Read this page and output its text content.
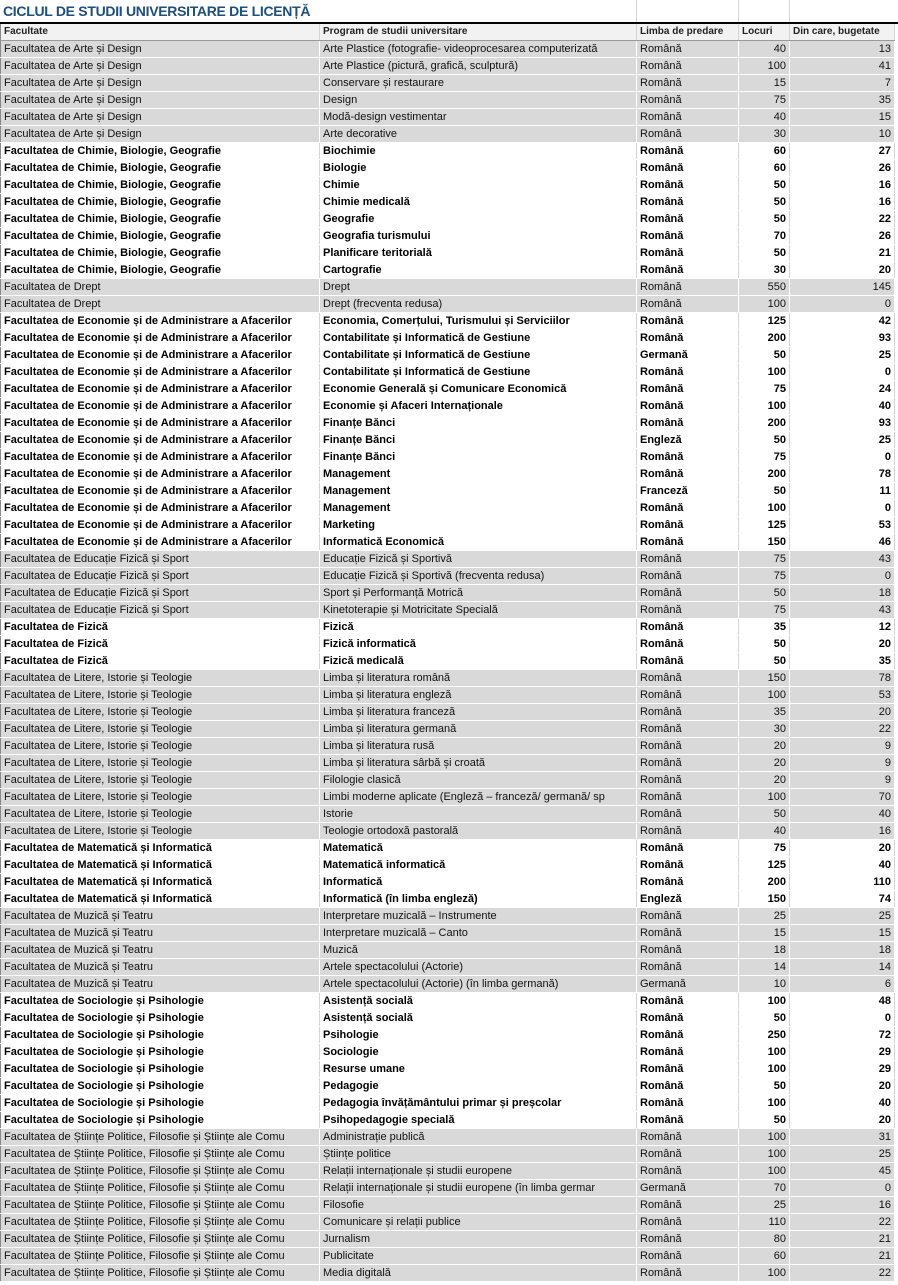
CICLUL DE STUDII UNIVERSITARE DE LICENȚĂ
Facultate	Program de studii universitare	Limba de predare	Locuri	Din care, bugetate
Facultatea de Arte și Design	Arte Plastice (fotografie- videoprocesarea computerizată	Română	40	13
Facultatea de Arte și Design	Arte Plastice (pictură, grafică, sculptură)	Română	100	41
Facultatea de Arte și Design	Conservare și restaurare	Română	15	7
Facultatea de Arte și Design	Design	Română	75	35
Facultatea de Arte și Design	Modă-design vestimentar	Română	40	15
Facultatea de Arte și Design	Arte decorative	Română	30	10
Facultatea de Chimie, Biologie, Geografie	Biochimie	Română	60	27
Facultatea de Chimie, Biologie, Geografie	Biologie	Română	60	26
Facultatea de Chimie, Biologie, Geografie	Chimie	Română	50	16
Facultatea de Chimie, Biologie, Geografie	Chimie medicală	Română	50	16
Facultatea de Chimie, Biologie, Geografie	Geografie	Română	50	22
Facultatea de Chimie, Biologie, Geografie	Geografia turismului	Română	70	26
Facultatea de Chimie, Biologie, Geografie	Planificare teritorială	Română	50	21
Facultatea de Chimie, Biologie, Geografie	Cartografie	Română	30	20
Facultatea de Drept	Drept	Română	550	145
Facultatea de Drept	Drept (frecventa redusa)	Română	100	0
Facultatea de Economie și de Administrare a Afacerilor	Economia, Comerțului, Turismului și Serviciilor	Română	125	42
Facultatea de Economie și de Administrare a Afacerilor	Contabilitate și Informatică de Gestiune	Română	200	93
Facultatea de Economie și de Administrare a Afacerilor	Contabilitate și Informatică de Gestiune	Germană	50	25
Facultatea de Economie și de Administrare a Afacerilor	Contabilitate și Informatică de Gestiune	Română	100	0
Facultatea de Economie și de Administrare a Afacerilor	Economie Generală și Comunicare Economică	Română	75	24
Facultatea de Economie și de Administrare a Afacerilor	Economie și Afaceri Internaționale	Română	100	40
Facultatea de Economie și de Administrare a Afacerilor	Finanțe Bănci	Română	200	93
Facultatea de Economie și de Administrare a Afacerilor	Finanțe Bănci	Engleză	50	25
Facultatea de Economie și de Administrare a Afacerilor	Finanțe Bănci	Română	75	0
Facultatea de Economie și de Administrare a Afacerilor	Management	Română	200	78
Facultatea de Economie și de Administrare a Afacerilor	Management	Franceză	50	11
Facultatea de Economie și de Administrare a Afacerilor	Management	Română	100	0
Facultatea de Economie și de Administrare a Afacerilor	Marketing	Română	125	53
Facultatea de Economie și de Administrare a Afacerilor	Informatică Economică	Română	150	46
Facultatea de Educație Fizică și Sport	Educație Fizică și Sportivă	Română	75	43
Facultatea de Educație Fizică și Sport	Educație Fizică și Sportivă (frecventa redusa)	Română	75	0
Facultatea de Educație Fizică și Sport	Sport și Performanță Motrică	Română	50	18
Facultatea de Educație Fizică și Sport	Kinetoterapie și Motricitate Specială	Română	75	43
Facultatea de Fizică	Fizică	Română	35	12
Facultatea de Fizică	Fizică informatică	Română	50	20
Facultatea de Fizică	Fizică medicală	Română	50	35
Facultatea de Litere, Istorie și Teologie	Limba și literatura română	Română	150	78
Facultatea de Litere, Istorie și Teologie	Limba și literatura engleză	Română	100	53
Facultatea de Litere, Istorie și Teologie	Limba și literatura franceză	Română	35	20
Facultatea de Litere, Istorie și Teologie	Limba și literatura germană	Română	30	22
Facultatea de Litere, Istorie și Teologie	Limba și literatura rusă	Română	20	9
Facultatea de Litere, Istorie și Teologie	Limba și literatura sârbă și croată	Română	20	9
Facultatea de Litere, Istorie și Teologie	Filologie clasică	Română	20	9
Facultatea de Litere, Istorie și Teologie	Limbi moderne aplicate (Engleză – franceză/ germană/ sp	Română	100	70
Facultatea de Litere, Istorie și Teologie	Istorie	Română	50	40
Facultatea de Litere, Istorie și Teologie	Teologie ortodoxă pastorală	Română	40	16
Facultatea de Matematică și Informatică	Matematică	Română	75	20
Facultatea de Matematică și Informatică	Matematică informatică	Română	125	40
Facultatea de Matematică și Informatică	Informatică	Română	200	110
Facultatea de Matematică și Informatică	Informatică (în limba engleză)	Engleză	150	74
Facultatea de Muzică și Teatru	Interpretare muzicală – Instrumente	Română	25	25
Facultatea de Muzică și Teatru	Interpretare muzicală – Canto	Română	15	15
Facultatea de Muzică și Teatru	Muzică	Română	18	18
Facultatea de Muzică și Teatru	Artele spectacolului (Actorie)	Română	14	14
Facultatea de Muzică și Teatru	Artele spectacolului (Actorie) (în limba germană)	Germană	10	6
Facultatea de Sociologie și Psihologie	Asistență socială	Română	100	48
Facultatea de Sociologie și Psihologie	Asistență socială	Română	50	0
Facultatea de Sociologie și Psihologie	Psihologie	Română	250	72
Facultatea de Sociologie și Psihologie	Sociologie	Română	100	29
Facultatea de Sociologie și Psihologie	Resurse umane	Română	100	29
Facultatea de Sociologie și Psihologie	Pedagogie	Română	50	20
Facultatea de Sociologie și Psihologie	Pedagogia învățământului primar și preșcolar	Română	100	40
Facultatea de Sociologie și Psihologie	Psihopedagogie specială	Română	50	20
Facultatea de Științe Politice, Filosofie și Științe ale Comu	Administrație publică	Română	100	31
Facultatea de Științe Politice, Filosofie și Științe ale Comu	Științe politice	Română	100	25
Facultatea de Științe Politice, Filosofie și Științe ale Comu	Relații internaționale și studii europene	Română	100	45
Facultatea de Științe Politice, Filosofie și Științe ale Comu	Relații internaționale și studii europene (în limba germar	Germană	70	0
Facultatea de Științe Politice, Filosofie și Științe ale Comu	Filosofie	Română	25	16
Facultatea de Științe Politice, Filosofie și Științe ale Comu	Comunicare și relații publice	Română	110	22
Facultatea de Științe Politice, Filosofie și Științe ale Comu	Jurnalism	Română	80	21
Facultatea de Științe Politice, Filosofie și Științe ale Comu	Publicitate	Română	60	21
Facultatea de Științe Politice, Filosofie și Științe ale Comu	Media digitală	Română	100	22
